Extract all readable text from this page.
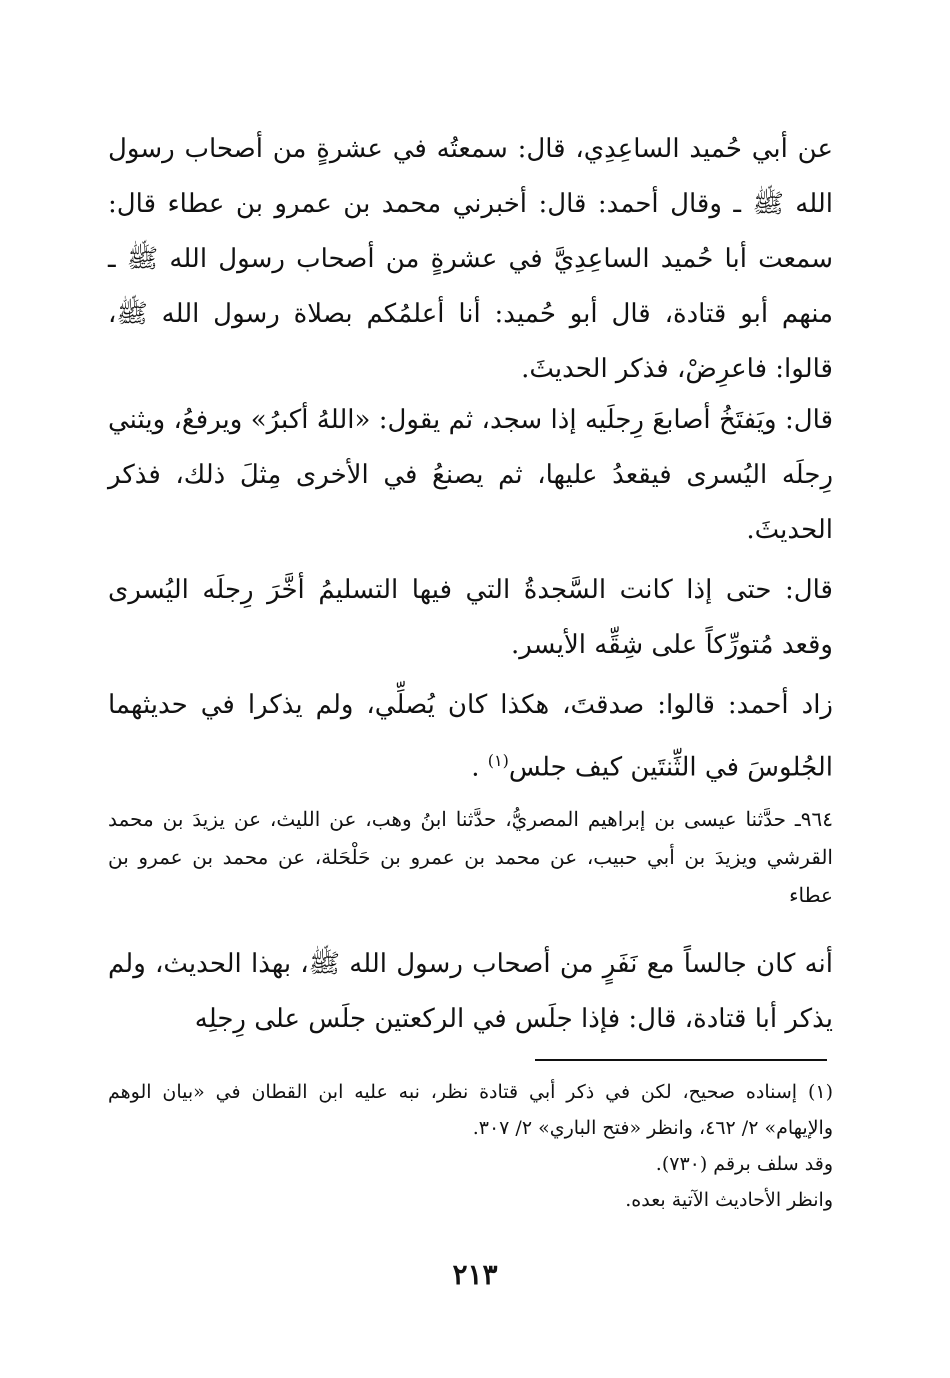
عن أبي حُميد الساعِدِي، قال: سمعتُه في عشرةٍ من أصحاب رسول الله ﷺ ـ وقال أحمد: قال: أخبرني محمد بن عمرو بن عطاء قال: سمعت أبا حُميد الساعِدِيَّ في عشرةٍ من أصحاب رسول الله ﷺ ـ منهم أبو قتادة، قال أبو حُميد: أنا أعلمُكم بصلاة رسول الله ﷺ، قالوا: فاعرِضْ، فذكر الحديثَ.

قال: ويَفتَخُ أصابعَ رِجلَيه إذا سجد، ثم يقول: «اللهُ أكبرُ» ويرفعُ، ويثني رِجلَه اليُسرى فيقعدُ عليها، ثم يصنعُ في الأخرى مِثلَ ذلك، فذكر الحديثَ.

قال: حتى إذا كانت السَّجدةُ التي فيها التسليمُ أخَّرَ رِجلَه اليُسرى وقعد مُتورِّكاً على شِقِّه الأيسر.

زاد أحمد: قالوا: صدقتَ، هكذا كان يُصلِّي، ولم يذكرا في حديثهما الجُلوسَ في الثِّنتَين كيف جلس$^{(١)}$ .

٩٦٤ـ حدَّثنا عيسى بن إبراهيم المصريُّ، حدَّثنا ابنُ وهب، عن الليث، عن يزيدَ بن محمد القرشي ويزيدَ بن أبي حبيب، عن محمد بن عمرو بن حَلْحَلة، عن محمد بن عمرو بن عطاء

أنه كان جالساً مع نَفَرٍ من أصحاب رسول الله ﷺ، بهذا الحديث، ولم يذكر أبا قتادة، قال: فإذا جلَس في الركعتين جلَس على رِجلِه

(١) إسناده صحيح، لكن في ذكر أبي قتادة نظر، نبه عليه ابن القطان في «بيان الوهم والإيهام» ٢/ ٤٦٢، وانظر «فتح الباري» ٢/ ٣٠٧.

وقد سلف برقم (٧٣٠).

وانظر الأحاديث الآتية بعده.

٢١٣
